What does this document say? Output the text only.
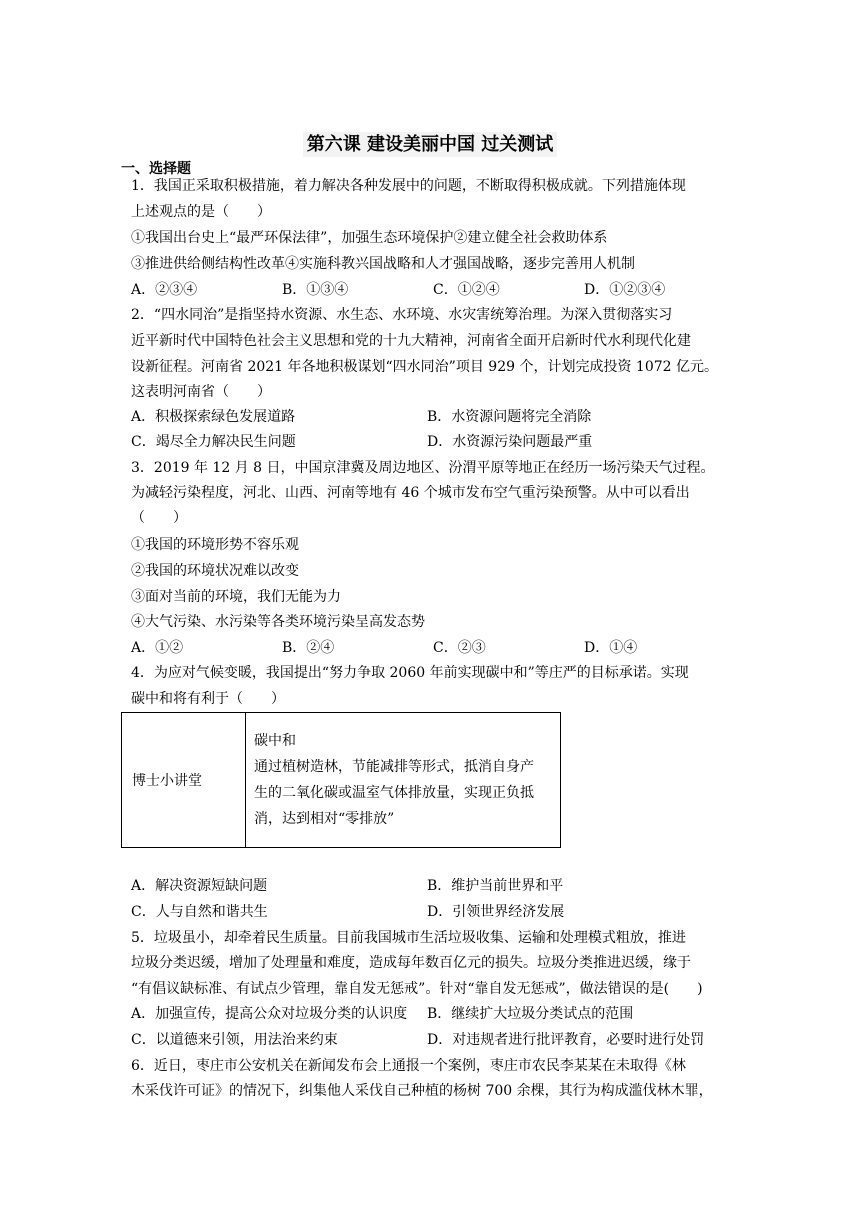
第六课 建设美丽中国 过关测试
一、选择题
1．我国正采取积极措施，着力解决各种发展中的问题，不断取得积极成就。下列措施体现
上述观点的是（　　）
①我国出台史上“最严环保法律”，加强生态环境保护②建立健全社会救助体系
③推进供给侧结构性改革④实施科教兴国战略和人才强国战略，逐步完善用人机制
A．②③④	B．①③④	C．①②④	D．①②③④
2．“四水同治”是指坚持水资源、水生态、水环境、水灾害统筹治理。为深入贯彻落实习
近平新时代中国特色社会主义思想和党的十九大精神，河南省全面开启新时代水利现代化建
设新征程。河南省 2021 年各地积极谋划“四水同治”项目 929 个，计划完成投资 1072 亿元。
这表明河南省（　　）
A．积极探索绿色发展道路	B．水资源问题将完全消除
C．竭尽全力解决民生问题	D．水资源污染问题最严重
3．2019 年 12 月 8 日，中国京津冀及周边地区、汾渭平原等地正在经历一场污染天气过程。
为减轻污染程度，河北、山西、河南等地有 46 个城市发布空气重污染预警。从中可以看出
（　　）
①我国的环境形势不容乐观
②我国的环境状况难以改变
③面对当前的环境，我们无能为力
④大气污染、水污染等各类环境污染呈高发态势
A．①②	B．②④	C．②③	D．①④
4．为应对气候变暖，我国提出“努力争取 2060 年前实现碳中和”等庄严的目标承诺。实现
碳中和将有利于（　　）
博士小讲堂	
碳中和
通过植树造林，节能减排等形式，抵消自身产
生的二氧化碳或温室气体排放量，实现正负抵
消，达到相对“零排放”
A．解决资源短缺问题	B．维护当前世界和平
C．人与自然和谐共生	D．引领世界经济发展
5．垃圾虽小，却牵着民生质量。目前我国城市生活垃圾收集、运输和处理模式粗放，推进
垃圾分类迟缓，增加了处理量和难度，造成每年数百亿元的损失。垃圾分类推进迟缓，缘于
“有倡议缺标准、有试点少管理，靠自发无惩戒”。针对“靠自发无惩戒”，做法错误的是(　　)
A．加强宣传，提高公众对垃圾分类的认识度 B．继续扩大垃圾分类试点的范围
C．以道德来引领，用法治来约束	D．对违规者进行批评教育，必要时进行处罚
6．近日，枣庄市公安机关在新闻发布会上通报一个案例，枣庄市农民李某某在未取得《林
木采伐许可证》的情况下，纠集他人采伐自己种植的杨树 700 余棵，其行为构成滥伐林木罪，
